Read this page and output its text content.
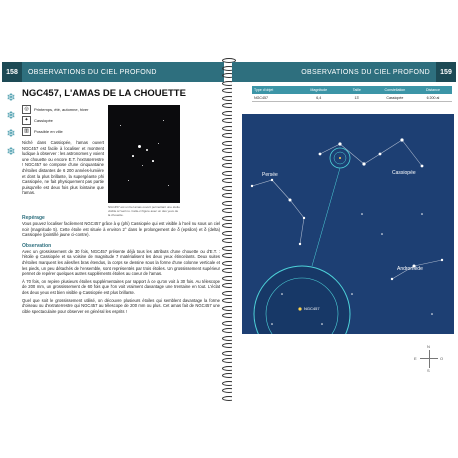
158	OBSERVATIONS DU CIEL PROFOND
❄
❄
❄
❄
NGC457, L'AMAS DE LA CHOUETTE
◎	Printemps, été, automne, hiver
✦	Cassiopée
▥	Possible en ville
Niché dans Cassiopée, l'amas ouvert NGC457 est facile à localiser et montrent ludique à observer : les astronomes y voient une chouette ou encore E.T. l'extraterrestre ! NGC457 se compose d'une cinquantaine d'étoiles distantes de 6 200 années-lumière et dont la plus brillante, la supergéante phi Cassiopée, ne fait physiquement pas partie puisqu'elle est deux fois plus lointaine que l'amas.
NGC457 est un bel amas ouvert permettant une étoile visible à l'oeil nu. Celle-ci figure avec un des yeux de la chouette.
Repérage
Vous pouvez localiser facilement NGC457 grâce à φ (phi) Cassiopée qui est visible à l'oeil nu sous un ciel noir (magnitude 5). Cette étoile est située à environ 2° dans le prolongement de δ (epsilon) et δ (delta) Cassiopée (pointillé jaune ci-contre).
Observation
Avec un grossissement de 30 fois, NGC457 présente déjà tous les attributs d'une chouette ou d'E.T. : l'étoile φ Cassiopée et sa voisine de magnitude 7 matérialisent les deux yeux étincelants. Deux suites d'étoiles marquent les ailes/les bras étendus, la corps se dessine sous la forme d'une colonne verticale et les pieds, un peu détachés de l'ensemble, sont représentés par trois étoiles. Un grossissement supérieur permet de repérer quelques autres suppléments étoiles au coeur de l'amas.
À 70 fois, on repère plusieurs étoiles supplémentaires par rapport à ce qu'on voit à 30 fois. Au télescope de 200 mm, un grossissement de 60 fois que l'on voit vraiment davantage une trentaine en tout. L'éclat des deux yeux est bien visible φ Cassiopée est plus brillante.
Quel que soit le grossissement utilisé, on découvre plusieurs étoiles qui semblent davantage la forme d'oiseau ou d'extraterrestre qui NGC457 au télescope de 200 mm ou plus. Cet amas fait de NGC457 une cible spectaculaire pour observer en général les esprits !
OBSERVATIONS DU CIEL PROFOND	159
Type d'objet	Magnitude	Taille	Constellation	Distance
NGC457	6,4	13'	Cassiopée	6 200 al
Persée	Cassiopée
Andromède
NGC457
N
S
E	O
